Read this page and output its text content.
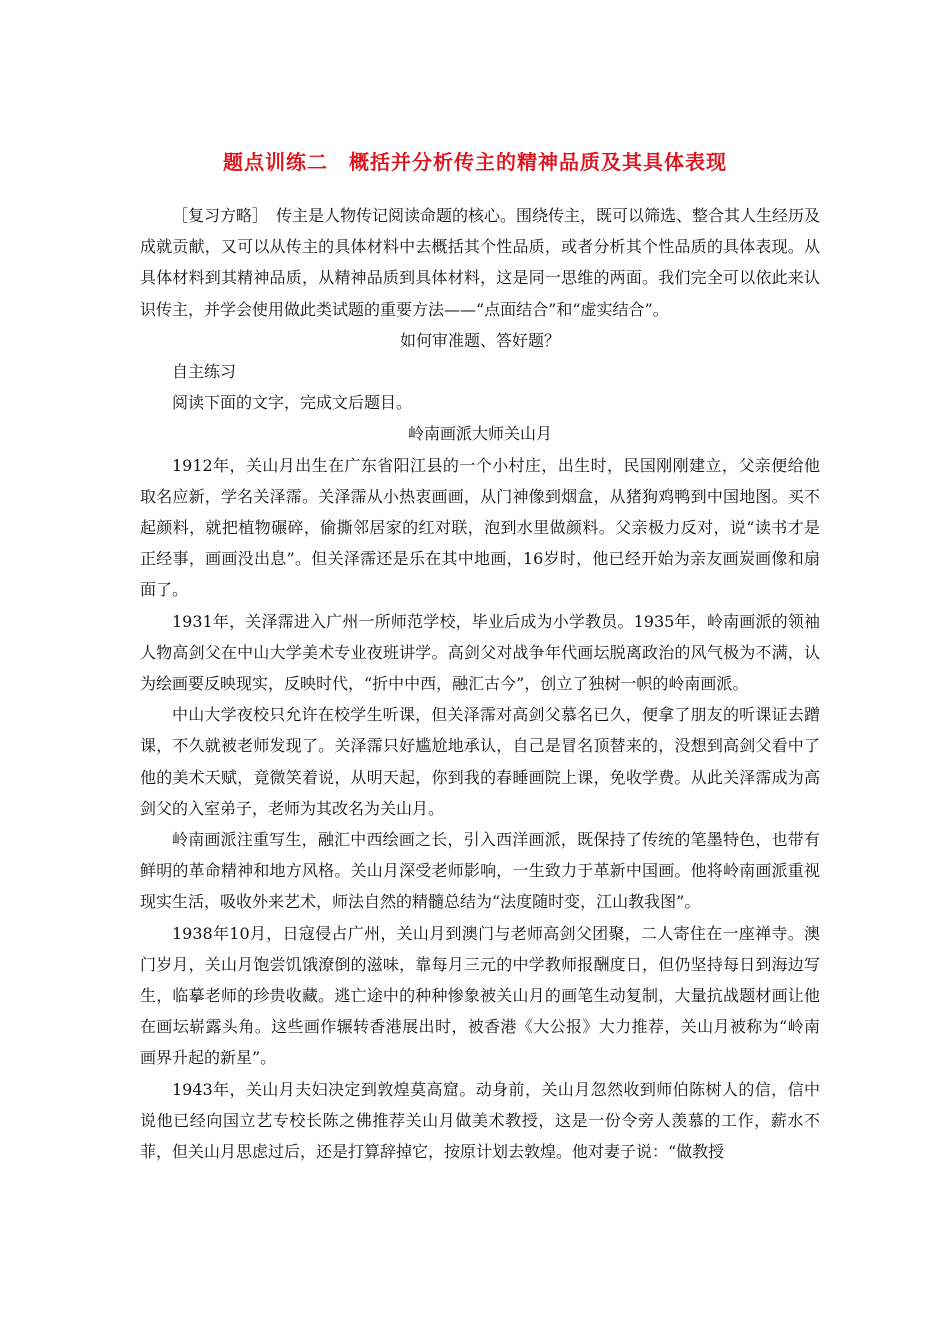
题点训练二　概括并分析传主的精神品质及其具体表现

［复习方略］　传主是人物传记阅读命题的核心。围绕传主，既可以筛选、整合其人生经历及成就贡献，又可以从传主的具体材料中去概括其个性品质，或者分析其个性品质的具体表现。从具体材料到其精神品质，从精神品质到具体材料，这是同一思维的两面。我们完全可以依此来认识传主，并学会使用做此类试题的重要方法——“点面结合”和“虚实结合”。

如何审准题、答好题？

自主练习

阅读下面的文字，完成文后题目。

岭南画派大师关山月

1912年，关山月出生在广东省阳江县的一个小村庄，出生时，民国刚刚建立，父亲便给他取名应新，学名关泽霈。关泽霈从小热衷画画，从门神像到烟盒，从猪狗鸡鸭到中国地图。买不起颜料，就把植物碾碎，偷撕邻居家的红对联，泡到水里做颜料。父亲极力反对，说“读书才是正经事，画画没出息”。但关泽霈还是乐在其中地画，16岁时，他已经开始为亲友画炭画像和扇面了。

1931年，关泽霈进入广州一所师范学校，毕业后成为小学教员。1935年，岭南画派的领袖人物高剑父在中山大学美术专业夜班讲学。高剑父对战争年代画坛脱离政治的风气极为不满，认为绘画要反映现实，反映时代，“折中中西，融汇古今”，创立了独树一帜的岭南画派。

中山大学夜校只允许在校学生听课，但关泽霈对高剑父慕名已久，便拿了朋友的听课证去蹭课，不久就被老师发现了。关泽霈只好尴尬地承认，自己是冒名顶替来的，没想到高剑父看中了他的美术天赋，竟微笑着说，从明天起，你到我的春睡画院上课，免收学费。从此关泽霈成为高剑父的入室弟子，老师为其改名为关山月。

岭南画派注重写生，融汇中西绘画之长，引入西洋画派，既保持了传统的笔墨特色，也带有鲜明的革命精神和地方风格。关山月深受老师影响，一生致力于革新中国画。他将岭南画派重视现实生活，吸收外来艺术，师法自然的精髓总结为“法度随时变，江山教我图”。

1938年10月，日寇侵占广州，关山月到澳门与老师高剑父团聚，二人寄住在一座禅寺。澳门岁月，关山月饱尝饥饿潦倒的滋味，靠每月三元的中学教师报酬度日，但仍坚持每日到海边写生，临摹老师的珍贵收藏。逃亡途中的种种惨象被关山月的画笔生动复制，大量抗战题材画让他在画坛崭露头角。这些画作辗转香港展出时，被香港《大公报》大力推荐，关山月被称为“岭南画界升起的新星”。

1943年，关山月夫妇决定到敦煌莫高窟。动身前，关山月忽然收到师伯陈树人的信，信中说他已经向国立艺专校长陈之佛推荐关山月做美术教授，这是一份令旁人羡慕的工作，薪水不菲，但关山月思虑过后，还是打算辞掉它，按原计划去敦煌。他对妻子说：“做教授
